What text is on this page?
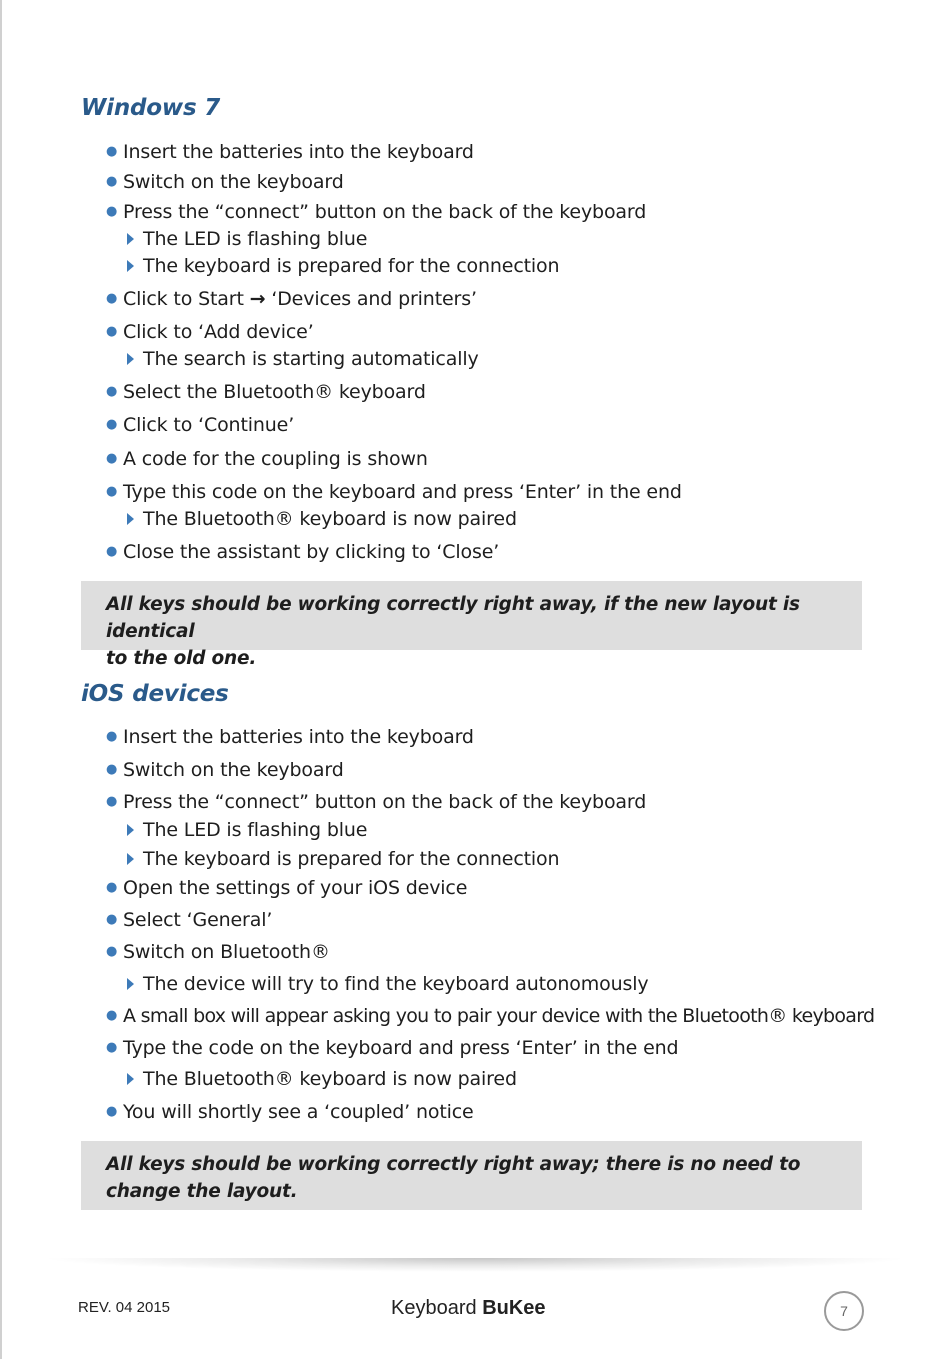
Windows 7
● Insert the batteries into the keyboard
● Switch on the keyboard
● Press the “connect” button on the back of the keyboard
The LED is flashing blue
The keyboard is prepared for the connection
● Click to Start → ‘Devices and printers’
● Click to ‘Add device’
The search is starting automatically
● Select the Bluetooth® keyboard
● Click to ‘Continue’
● A code for the coupling is shown
● Type this code on the keyboard and press ‘Enter’ in the end
The Bluetooth® keyboard is now paired
● Close the assistant by clicking to ‘Close’
All keys should be working correctly right away, if the new layout is identical
to the old one.
iOS devices
● Insert the batteries into the keyboard
● Switch on the keyboard
● Press the “connect” button on the back of the keyboard
The LED is flashing blue
The keyboard is prepared for the connection
● Open the settings of your iOS device
● Select ‘General’
● Switch on Bluetooth®
The device will try to find the keyboard autonomously
● A small box will appear asking you to pair your device with the Bluetooth® keyboard
● Type the code on the keyboard and press ‘Enter’ in the end
The Bluetooth® keyboard is now paired
● You will shortly see a ‘coupled’ notice
All keys should be working correctly right away; there is no need to
change the layout.
REV. 04 2015	Keyboard BuKee	7
